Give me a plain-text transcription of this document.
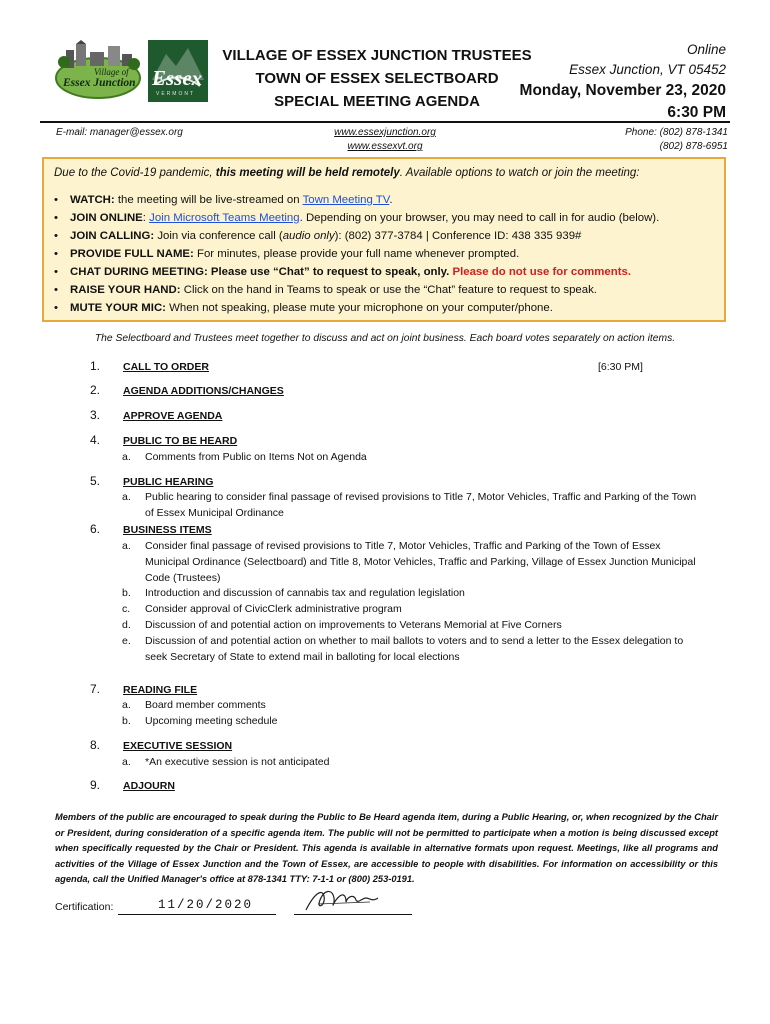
Village of
Essex Junction Essex
VERMONT
VILLAGE OF ESSEX JUNCTION TRUSTEES
TOWN OF ESSEX SELECTBOARD
SPECIAL MEETING AGENDA
Online
Essex Junction, VT 05452
Monday, November 23, 2020
6:30 PM
E-mail: manager@essex.org	www.essexjunction.org
www.essexvt.org
Phone: (802) 878-1341
(802) 878-6951
Due to the Covid-19 pandemic, this meeting will be held remotely. Available options to watch or join the meeting:
• WATCH: the meeting will be live-streamed on Town Meeting TV.
• JOIN ONLINE: Join Microsoft Teams Meeting. Depending on your browser, you may need to call in for audio (below).
• JOIN CALLING: Join via conference call (audio only): (802) 377-3784 | Conference ID: 438 335 939#
• PROVIDE FULL NAME: For minutes, please provide your full name whenever prompted.
• CHAT DURING MEETING: Please use “Chat” to request to speak, only. Please do not use for comments.
• RAISE YOUR HAND: Click on the hand in Teams to speak or use the “Chat” feature to request to speak.
• MUTE YOUR MIC: When not speaking, please mute your microphone on your computer/phone.
The Selectboard and Trustees meet together to discuss and act on joint business. Each board votes separately on action items.
1.	CALL TO ORDER	[6:30 PM]
2.	AGENDA ADDITIONS/CHANGES
3.	APPROVE AGENDA
4.	PUBLIC TO BE HEARD
a. Comments from Public on Items Not on Agenda
5.	PUBLIC HEARING
a. Public hearing to consider final passage of revised provisions to Title 7, Motor Vehicles, Traffic and Parking of the Town of Essex Municipal Ordinance
6.	BUSINESS ITEMS
a. Consider final passage of revised provisions to Title 7, Motor Vehicles, Traffic and Parking of the Town of Essex Municipal Ordinance (Selectboard) and Title 8, Motor Vehicles, Traffic and Parking, Village of Essex Junction Municipal Code (Trustees)
b. Introduction and discussion of cannabis tax and regulation legislation
c. Consider approval of CivicClerk administrative program
d. Discussion of and potential action on improvements to Veterans Memorial at Five Corners
e. Discussion of and potential action on whether to mail ballots to voters and to send a letter to the Essex delegation to seek Secretary of State to extend mail in balloting for local elections
7.	READING FILE
a. Board member comments
b. Upcoming meeting schedule
8.	EXECUTIVE SESSION
a. *An executive session is not anticipated
9.	ADJOURN
Members of the public are encouraged to speak during the Public to Be Heard agenda item, during a Public Hearing, or, when recognized by the Chair or President, during consideration of a specific agenda item. The public will not be permitted to participate when a motion is being discussed except when specifically requested by the Chair or President. This agenda is available in alternative formats upon request. Meetings, like all programs and activities of the Village of Essex Junction and the Town of Essex, are accessible to people with disabilities. For information on accessibility or this agenda, call the Unified Manager's office at 878-1341 TTY: 7-1-1 or (800) 253-0191.
Certification:	11/20/2020
